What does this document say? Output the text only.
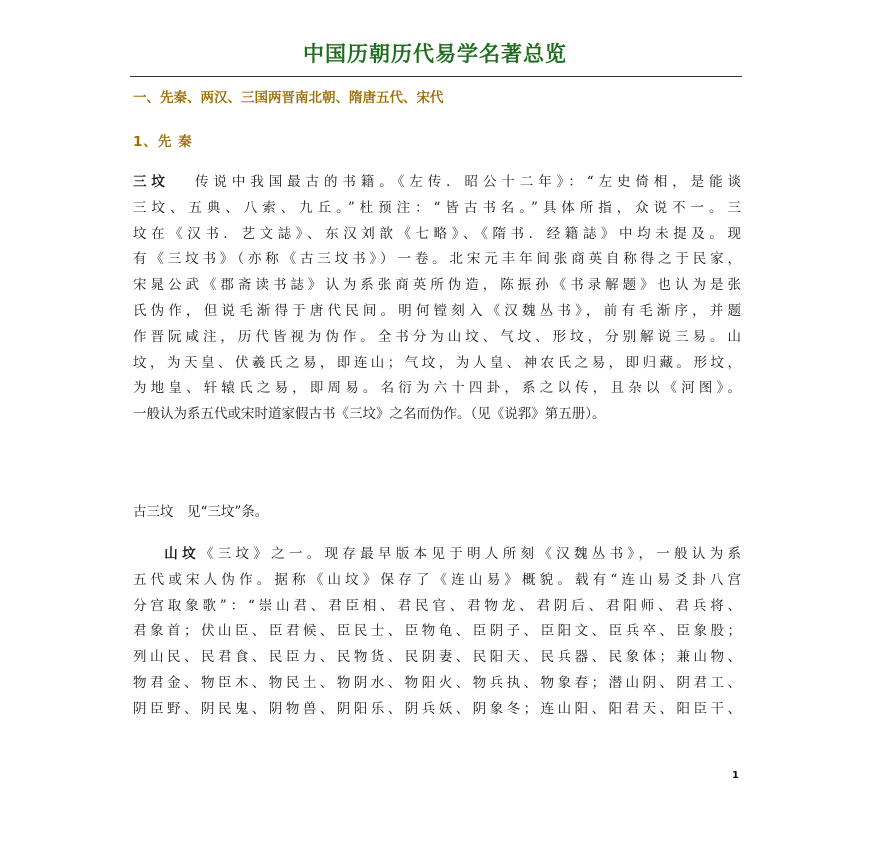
中国历朝历代易学名著总览
一、先秦、两汉、三国两晋南北朝、隋唐五代、宋代
1、先 秦
三坟   传说中我国最古的书籍。《左传．昭公十二年》：“左史倚相，是能谈
三坟、五典、八索、九丘。”杜预注：“皆古书名。”具体所指，众说不一。三
坟在《汉书．艺文誌》、东汉刘歆《七略》、《隋书．经籍誌》中均未提及。现
有《三坟书》（亦称《古三坟书》）一卷。北宋元丰年间张商英自称得之于民家，
宋晁公武《郡斋读书誌》认为系张商英所伪造，陈振孙《书录解题》也认为是张
氏伪作，但说毛渐得于唐代民间。明何镗刻入《汉魏丛书》，前有毛渐序，并题
作晋阮咸注，历代皆视为伪作。全书分为山坟、气坟、形坟，分别解说三易。山
坟，为天皇、伏羲氏之易，即连山；气坟，为人皇、神农氏之易，即归藏。形坟，
为地皇、轩辕氏之易，即周易。名衍为六十四卦，系之以传，且杂以《河图》。
一般认为系五代或宋时道家假古书《三坟》之名而伪作。（见《说郛》第五册）。
古三坟　见“三坟”条。
  山坟《三坟》之一。现存最早版本见于明人所刻《汉魏丛书》，一般认为系
五代或宋人伪作。据称《山坟》保存了《连山易》概貌。载有“连山易爻卦八宫
分宫取象歌”：“崇山君、君臣相、君民官、君物龙、君阴后、君阳师、君兵将、
君象首；伏山臣、臣君候、臣民士、臣物龟、臣阴子、臣阳文、臣兵卒、臣象股；
列山民、民君食、民臣力、民物货、民阴妻、民阳天、民兵器、民象体；兼山物、
物君金、物臣木、物民土、物阴水、物阳火、物兵执、物象春；潜山阴、阴君工、
阴臣野、阴民鬼、阴物兽、阴阳乐、阴兵妖、阴象冬；连山阳、阳君天、阳臣干、
1
